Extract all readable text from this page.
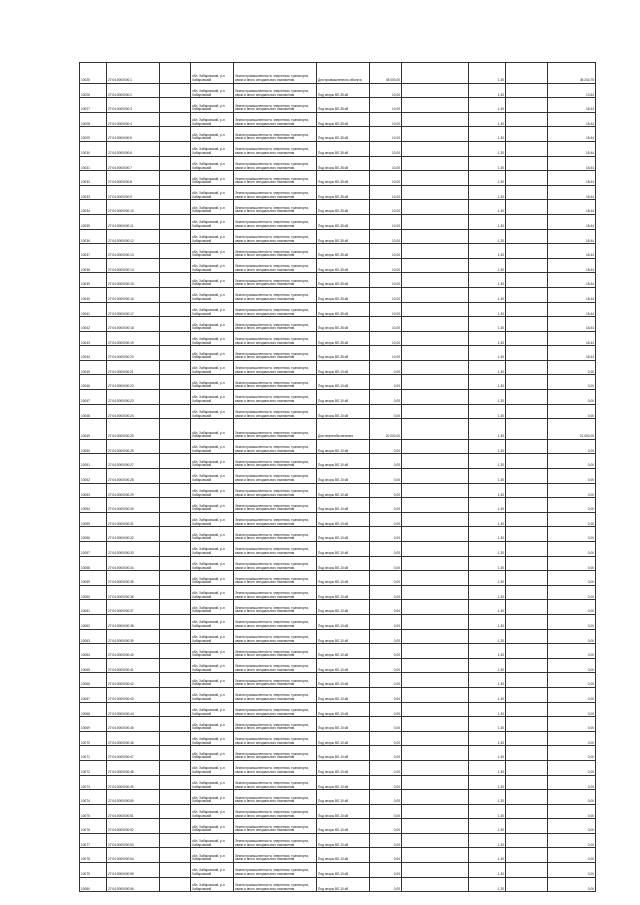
10025	27:04:0000000:1		обл. Хабаровский, р-н Хабаровский	Земли промышленности, энергетики, транспорта, связи и иного специального назначения	Для промышленного объекта	45 000,00		1,30		36 243,75
10026	27:04:0000000:2		обл. Хабаровский, р-н Хабаровский	Земли промышленности, энергетики, транспорта, связи и иного специального назначения	Под опоры ВЛ-35 кВ	10,00		1,30		13,64
10027	27:04:0000000:3		обл. Хабаровский, р-н Хабаровский	Земли промышленности, энергетики, транспорта, связи и иного специального назначения	Под опоры ВЛ-35 кВ	10,00		1,30		18,44
10028	27:04:0000000:4		обл. Хабаровский, р-н Хабаровский	Земли промышленности, энергетики, транспорта, связи и иного специального назначения	Под опоры ВЛ-35 кВ	10,00		1,30		18,44
10029	27:04:0000000:5		обл. Хабаровский, р-н Хабаровский	Земли промышленности, энергетики, транспорта, связи и иного специального назначения	Под опоры ВЛ-35 кВ	10,00		1,30		18,44
10030	27:04:0000000:6		обл. Хабаровский, р-н Хабаровский	Земли промышленности, энергетики, транспорта, связи и иного специального назначения	Под опоры ВЛ-35 кВ	10,00		1,30		18,44
10031	27:04:0000000:7		обл. Хабаровский, р-н Хабаровский	Земли промышленности, энергетики, транспорта, связи и иного специального назначения	Под опоры ВЛ-35 кВ	10,00		1,30		18,44
10032	27:04:0000000:8		обл. Хабаровский, р-н Хабаровский	Земли промышленности, энергетики, транспорта, связи и иного специального назначения	Под опоры ВЛ-35 кВ	10,00		1,30		18,44
10033	27:04:0000000:9		обл. Хабаровский, р-н Хабаровский	Земли промышленности, энергетики, транспорта, связи и иного специального назначения	Под опоры ВЛ-35 кВ	10,00		1,30		18,44
10034	27:04:0000000:10		обл. Хабаровский, р-н Хабаровский	Земли промышленности, энергетики, транспорта, связи и иного специального назначения	Под опоры ВЛ-35 кВ	10,00		1,30		18,44
10035	27:04:0000000:11		обл. Хабаровский, р-н Хабаровский	Земли промышленности, энергетики, транспорта, связи и иного специального назначения	Под опоры ВЛ-35 кВ	10,00		1,30		18,44
10036	27:04:0000000:12		обл. Хабаровский, р-н Хабаровский	Земли промышленности, энергетики, транспорта, связи и иного специального назначения	Под опоры ВЛ-35 кВ	10,00		1,30		18,44
10037	27:04:0000000:13		обл. Хабаровский, р-н Хабаровский	Земли промышленности, энергетики, транспорта, связи и иного специального назначения	Под опоры ВЛ-35 кВ	10,00		1,30		18,44
10038	27:04:0000000:14		обл. Хабаровский, р-н Хабаровский	Земли промышленности, энергетики, транспорта, связи и иного специального назначения	Под опоры ВЛ-35 кВ	10,00		1,30		18,44
10039	27:04:0000000:15		обл. Хабаровский, р-н Хабаровский	Земли промышленности, энергетики, транспорта, связи и иного специального назначения	Под опоры ВЛ-35 кВ	10,00		1,30		18,44
10040	27:04:0000000:16		обл. Хабаровский, р-н Хабаровский	Земли промышленности, энергетики, транспорта, связи и иного специального назначения	Под опоры ВЛ-35 кВ	10,00		1,30		18,44
10041	27:04:0000000:17		обл. Хабаровский, р-н Хабаровский	Земли промышленности, энергетики, транспорта, связи и иного специального назначения	Под опоры ВЛ-35 кВ	10,00		1,30		18,44
10042	27:04:0000000:18		обл. Хабаровский, р-н Хабаровский	Земли промышленности, энергетики, транспорта, связи и иного специального назначения	Под опоры ВЛ-35 кВ	10,00		1,30		18,44
10043	27:04:0000000:19		обл. Хабаровский, р-н Хабаровский	Земли промышленности, энергетики, транспорта, связи и иного специального назначения	Под опоры ВЛ-35 кВ	10,00		1,30		18,44
10044	27:04:0000000:20		обл. Хабаровский, р-н Хабаровский	Земли промышленности, энергетики, транспорта, связи и иного специального назначения	Под опоры ВЛ-35 кВ	10,00		1,30		18,44
10045	27:04:0000000:21		обл. Хабаровский, р-н Хабаровский	Земли промышленности, энергетики, транспорта, связи и иного специального назначения	Под опоры ВЛ-10 кВ	0,00		1,30		0,00
10046	27:04:0000000:22		обл. Хабаровский, р-н Хабаровский	Земли промышленности, энергетики, транспорта, связи и иного специального назначения	Под опоры ВЛ-10 кВ	0,00		1,30		0,00
10047	27:04:0000000:23		обл. Хабаровский, р-н Хабаровский	Земли промышленности, энергетики, транспорта, связи и иного специального назначения	Под опоры ВЛ-10 кВ	0,00		1,30		0,00
10048	27:04:0000000:24		обл. Хабаровский, р-н Хабаровский	Земли промышленности, энергетики, транспорта, связи и иного специального назначения	Под опоры ВЛ-10 кВ	0,00		1,30		0,00
10049	27:04:0000000:25		обл. Хабаровский, р-н Хабаровский	Земли промышленности, энергетики, транспорта, связи и иного специального назначения	Для нефтеобеспечения	20 000,00		1,30		21 000,00
10050	27:04:0000000:26		обл. Хабаровский, р-н Хабаровский	Земли промышленности, энергетики, транспорта, связи и иного специального назначения	Под опоры ВЛ-10 кВ	0,00		1,30		0,00
10051	27:04:0000000:27		обл. Хабаровский, р-н Хабаровский	Земли промышленности, энергетики, транспорта, связи и иного специального назначения	Под опоры ВЛ-10 кВ	0,00		1,30		0,00
10052	27:04:0000000:28		обл. Хабаровский, р-н Хабаровский	Земли промышленности, энергетики, транспорта, связи и иного специального назначения	Под опоры ВЛ-10 кВ	0,00		1,30		0,00
10053	27:04:0000000:29		обл. Хабаровский, р-н Хабаровский	Земли промышленности, энергетики, транспорта, связи и иного специального назначения	Под опоры ВЛ-10 кВ	0,00		1,30		0,00
10054	27:04:0000000:30		обл. Хабаровский, р-н Хабаровский	Земли промышленности, энергетики, транспорта, связи и иного специального назначения	Под опоры ВЛ-10 кВ	0,00		1,30		0,00
10055	27:04:0000000:31		обл. Хабаровский, р-н Хабаровский	Земли промышленности, энергетики, транспорта, связи и иного специального назначения	Под опоры ВЛ-10 кВ	0,00		1,30		0,00
10056	27:04:0000000:32		обл. Хабаровский, р-н Хабаровский	Земли промышленности, энергетики, транспорта, связи и иного специального назначения	Под опоры ВЛ-10 кВ	0,00		1,30		0,00
10057	27:04:0000000:33		обл. Хабаровский, р-н Хабаровский	Земли промышленности, энергетики, транспорта, связи и иного специального назначения	Под опоры ВЛ-10 кВ	0,00		1,30		0,00
10058	27:04:0000000:34		обл. Хабаровский, р-н Хабаровский	Земли промышленности, энергетики, транспорта, связи и иного специального назначения	Под опоры ВЛ-10 кВ	0,00		1,30		0,00
10059	27:04:0000000:35		обл. Хабаровский, р-н Хабаровский	Земли промышленности, энергетики, транспорта, связи и иного специального назначения	Под опоры ВЛ-10 кВ	0,00		1,30		0,00
10060	27:04:0000000:36		обл. Хабаровский, р-н Хабаровский	Земли промышленности, энергетики, транспорта, связи и иного специального назначения	Под опоры ВЛ-10 кВ	0,00		1,30		0,00
10061	27:04:0000000:37		обл. Хабаровский, р-н Хабаровский	Земли промышленности, энергетики, транспорта, связи и иного специального назначения	Под опоры ВЛ-10 кВ	0,00		1,30		0,00
10062	27:04:0000000:38		обл. Хабаровский, р-н Хабаровский	Земли промышленности, энергетики, транспорта, связи и иного специального назначения	Под опоры ВЛ-10 кВ	0,00		1,30		0,00
10063	27:04:0000000:39		обл. Хабаровский, р-н Хабаровский	Земли промышленности, энергетики, транспорта, связи и иного специального назначения	Под опоры ВЛ-10 кВ	0,00		1,30		0,00
10064	27:04:0000000:40		обл. Хабаровский, р-н Хабаровский	Земли промышленности, энергетики, транспорта, связи и иного специального назначения	Под опоры ВЛ-10 кВ	0,00		1,30		0,00
10065	27:04:0000000:41		обл. Хабаровский, р-н Хабаровский	Земли промышленности, энергетики, транспорта, связи и иного специального назначения	Под опоры ВЛ-10 кВ	0,00		1,30		0,00
10066	27:04:0000000:42		обл. Хабаровский, р-н Хабаровский	Земли промышленности, энергетики, транспорта, связи и иного специального назначения	Под опоры ВЛ-10 кВ	0,00		1,30		0,00
10067	27:04:0000000:43		обл. Хабаровский, р-н Хабаровский	Земли промышленности, энергетики, транспорта, связи и иного специального назначения	Под опоры ВЛ-10 кВ	0,00		1,30		0,00
10068	27:04:0000000:44		обл. Хабаровский, р-н Хабаровский	Земли промышленности, энергетики, транспорта, связи и иного специального назначения	Под опоры ВЛ-10 кВ	0,00		1,30		0,00
10069	27:04:0000000:45		обл. Хабаровский, р-н Хабаровский	Земли промышленности, энергетики, транспорта, связи и иного специального назначения	Под опоры ВЛ-10 кВ	0,00		1,30		0,00
10070	27:04:0000000:46		обл. Хабаровский, р-н Хабаровский	Земли промышленности, энергетики, транспорта, связи и иного специального назначения	Под опоры ВЛ-10 кВ	0,00		1,30		0,00
10071	27:04:0000000:47		обл. Хабаровский, р-н Хабаровский	Земли промышленности, энергетики, транспорта, связи и иного специального назначения	Под опоры ВЛ-10 кВ	0,00		1,30		0,00
10072	27:04:0000000:48		обл. Хабаровский, р-н Хабаровский	Земли промышленности, энергетики, транспорта, связи и иного специального назначения	Под опоры ВЛ-10 кВ	0,00		1,30		0,00
10073	27:04:0000000:49		обл. Хабаровский, р-н Хабаровский	Земли промышленности, энергетики, транспорта, связи и иного специального назначения	Под опоры ВЛ-10 кВ	0,00		1,30		0,00
10074	27:04:0000000:50		обл. Хабаровский, р-н Хабаровский	Земли промышленности, энергетики, транспорта, связи и иного специального назначения	Под опоры ВЛ-10 кВ	0,00		1,30		0,00
10075	27:04:0000000:51		обл. Хабаровский, р-н Хабаровский	Земли промышленности, энергетики, транспорта, связи и иного специального назначения	Под опоры ВЛ-10 кВ	0,00		1,30		0,00
10076	27:04:0000000:52		обл. Хабаровский, р-н Хабаровский	Земли промышленности, энергетики, транспорта, связи и иного специального назначения	Под опоры ВЛ-10 кВ	0,00		1,30		0,00
10077	27:04:0000000:53		обл. Хабаровский, р-н Хабаровский	Земли промышленности, энергетики, транспорта, связи и иного специального назначения	Под опоры ВЛ-10 кВ	0,00		1,30		0,00
10078	27:04:0000000:54		обл. Хабаровский, р-н Хабаровский	Земли промышленности, энергетики, транспорта, связи и иного специального назначения	Под опоры ВЛ-10 кВ	0,00		1,30		0,00
10079	27:04:0000000:55		обл. Хабаровский, р-н Хабаровский	Земли промышленности, энергетики, транспорта, связи и иного специального назначения	Под опоры ВЛ-10 кВ	0,00		1,30		0,00
10080	27:04:0000000:56		обл. Хабаровский, р-н Хабаровский	Земли промышленности, энергетики, транспорта, связи и иного специального назначения	Под опоры ВЛ-10 кВ	0,00		1,30		0,00
